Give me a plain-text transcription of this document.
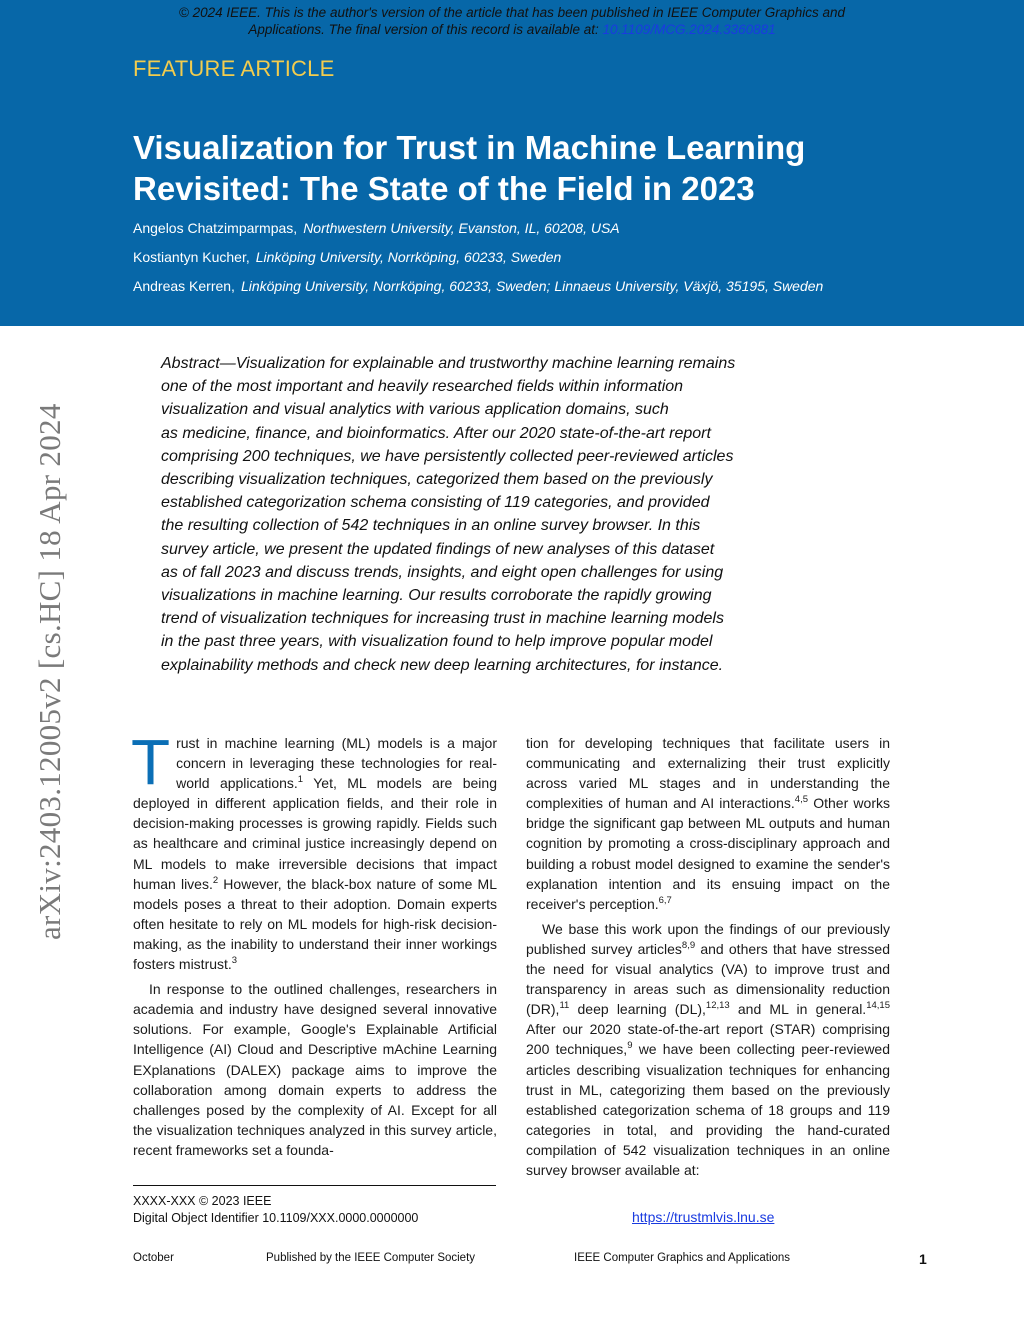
© 2024 IEEE. This is the author's version of the article that has been published in IEEE Computer Graphics and
Applications. The final version of this record is available at: 10.1109/MCG.2024.3360881
FEATURE ARTICLE
Visualization for Trust in Machine Learning Revisited: The State of the Field in 2023
Angelos Chatzimparmpas, Northwestern University, Evanston, IL, 60208, USA
Kostiantyn Kucher, Linköping University, Norrköping, 60233, Sweden
Andreas Kerren, Linköping University, Norrköping, 60233, Sweden; Linnaeus University, Växjö, 35195, Sweden
arXiv:2403.12005v2 [cs.HC] 18 Apr 2024
Abstract—Visualization for explainable and trustworthy machine learning remains
one of the most important and heavily researched fields within information
visualization and visual analytics with various application domains, such
as medicine, finance, and bioinformatics. After our 2020 state-of-the-art report
comprising 200 techniques, we have persistently collected peer-reviewed articles
describing visualization techniques, categorized them based on the previously
established categorization schema consisting of 119 categories, and provided
the resulting collection of 542 techniques in an online survey browser. In this
survey article, we present the updated findings of new analyses of this dataset
as of fall 2023 and discuss trends, insights, and eight open challenges for using
visualizations in machine learning. Our results corroborate the rapidly growing
trend of visualization techniques for increasing trust in machine learning models
in the past three years, with visualization found to help improve popular model
explainability methods and check new deep learning architectures, for instance.

Trust in machine learning (ML) models is a major concern in leveraging these technologies for real-world applications.$^1$ Yet, ML models are being deployed in different application fields, and their role in decision-making processes is growing rapidly. Fields such as healthcare and criminal justice increasingly depend on ML models to make irreversible decisions that impact human lives.$^2$ However, the black-box nature of some ML models poses a threat to their adoption. Domain experts often hesitate to rely on ML models for high-risk decision-making, as the inability to understand their inner workings fosters mistrust.$^3$

In response to the outlined challenges, researchers in academia and industry have designed several innovative solutions. For example, Google's Explainable Artificial Intelligence (AI) Cloud and Descriptive mAchine Learning EXplanations (DALEX) package aims to improve the collaboration among domain experts to address the challenges posed by the complexity of AI. Except for all the visualization techniques analyzed in this survey article, recent frameworks set a founda-

tion for developing techniques that facilitate users in communicating and externalizing their trust explicitly across varied ML stages and in understanding the complexities of human and AI interactions.$^{4,5}$ Other works bridge the significant gap between ML outputs and human cognition by promoting a cross-disciplinary approach and building a robust model designed to examine the sender's explanation intention and its ensuing impact on the receiver's perception.$^{6,7}$

We base this work upon the findings of our previously published survey articles$^{8,9}$ and others that have stressed the need for visual analytics (VA) to improve trust and transparency in areas such as dimensionality reduction (DR),$^{11}$ deep learning (DL),$^{12,13}$ and ML in general.$^{14,15}$ After our 2020 state-of-the-art report (STAR) comprising 200 techniques,$^9$ we have been collecting peer-reviewed articles describing visualization techniques for enhancing trust in ML, categorizing them based on the previously established categorization schema of 18 groups and 119 categories in total, and providing the hand-curated compilation of 542 visualization techniques in an online survey browser available at:

https://trustmlvis.lnu.se
XXXX-XXX © 2023 IEEE
Digital Object Identifier 10.1109/XXX.0000.0000000
October	Published by the IEEE Computer Society	IEEE Computer Graphics and Applications	1
